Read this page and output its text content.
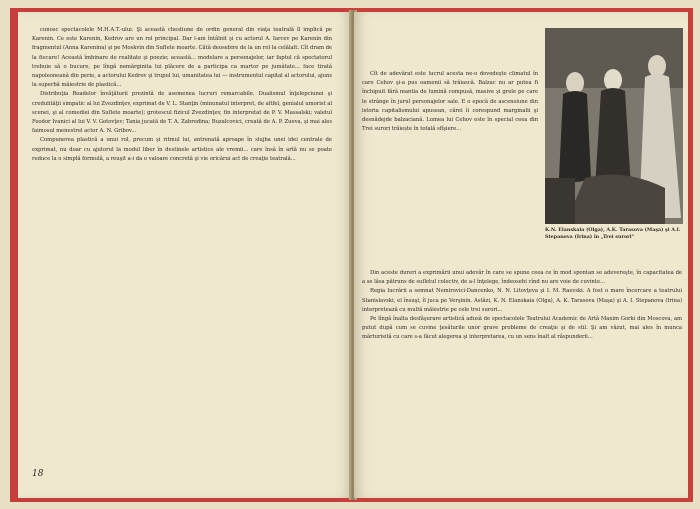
cunosc spectacolele M.H.A.T.-ului. Şi această chestiune de ordin general din viaţa teatrală îl implică pe Karenin. Ce este Karenin, Kedrov are un rol principal. Dar l-am întâlnit şi cu actorul A. Iarcev pe Karenin din fragmentul (Anna Karenina) şi pe Moskvin din Suflete moarte. Câtă deosebire de la un rol la celălalt. Cît dram de la fiecare! Această îmbinare de realitate şi poezie; această... modelare a personajelor, iar faptul că spectatorul trebuie să o bucure, pe lîngă nemărginita lui plăcere de a participa ca martor pe jumătate... face tirată napoleoneană din perie, a actorului Kedrov şi trupul lui, umanitatea lui — instrumentul capital al actorului, ajuns la superbă măiestrie de plastică...

Distribuţia Roadelor învăţăturii prezintă de asemenea lucruri remarcabile. Dualismul înţelepciunei şi credulităţii simpatic al lui Zvezdinţev, exprimat de V. L. Stanţin (minunatul interpret, de altfel, genialul umorist al scenei, şi al comediei din Suflete moarte); grotescul fizicul Zvezdinţev, fin interpretat de P. V. Massalski; valetul Feodor Ivanici al lui V. V. Gotovţev; Tania jucată de T. A. Zabrodina; Buzalcovici, creată de A. P. Zueva, şi mai ales faimosul menestrel actor A. N. Gribov...

Compunerea plastică a unui rol, precum şi ritmul lui, antrenată aproape în slujba unei idei centrale de exprimat, nu doar cu ajutorul la modul liber în destinele artistice ale vremii... care însă în artă nu se poate reduce la o simplă formulă, a reuşit a-i da o valoare concretă şi vie oricărui act de creaţie teatrală...

18

Cît de adevărat este lucrul acesta ne-o dovedeşte climatul în care Cehov şi-a pus oamenii să trăiască. Balzac nu ar putea fi închipuit fără mantia de lumină compusă, masive şi grele pe care le strânge în jurul personajelor sale. E o epocă de ascensiune din istoria capitalismului apusean, cărei îi corespund marginalii şi desnădejde balzaciană. Lumea lui Cehov este în special ceea din Trei surori trăiește în totală sfîşiere...

K.N. Elanskaia (Olga), A.K. Tarasova (Maşa) şi A.I. Stepanova (Irina) în „Trei surori"

Din aceste dureri a exprimării unui adevăr în care se spune ceea ce în mod spontan se adevereşte, în capacitatea de a se lăsa pătruns de sufletul colectiv, de a-l înţelege, îndeosebi cînd nu are voie de cuvinte...

Regia lucrării a semnat Nemirovici-Dancenko, N. N. Litovţeva şi I. M. Raevski. A fost o mare încercare a teatrului Stanislavski, el însuşi, îl juca pe Verşinin. Astăzi, K. N. Elanskaia (Olga), A. K. Tarasova (Maşa) şi A. I. Stepanova (Irina) interpretează cu multă măiestrie pe cele trei surori...

Pe lîngă înalta desfăşurare artistică adusă de spectacolele Teatrului Academic de Artă Maxim Gorki din Moscova, am putut după cum se cuvine ţesăturile unor grave probleme de creaţie şi de stil. Şi am văzut, mai ales în munca mărturisită cu care s-a făcut alegerea şi interpretarea, cu un sens înalt al răspunderii...
